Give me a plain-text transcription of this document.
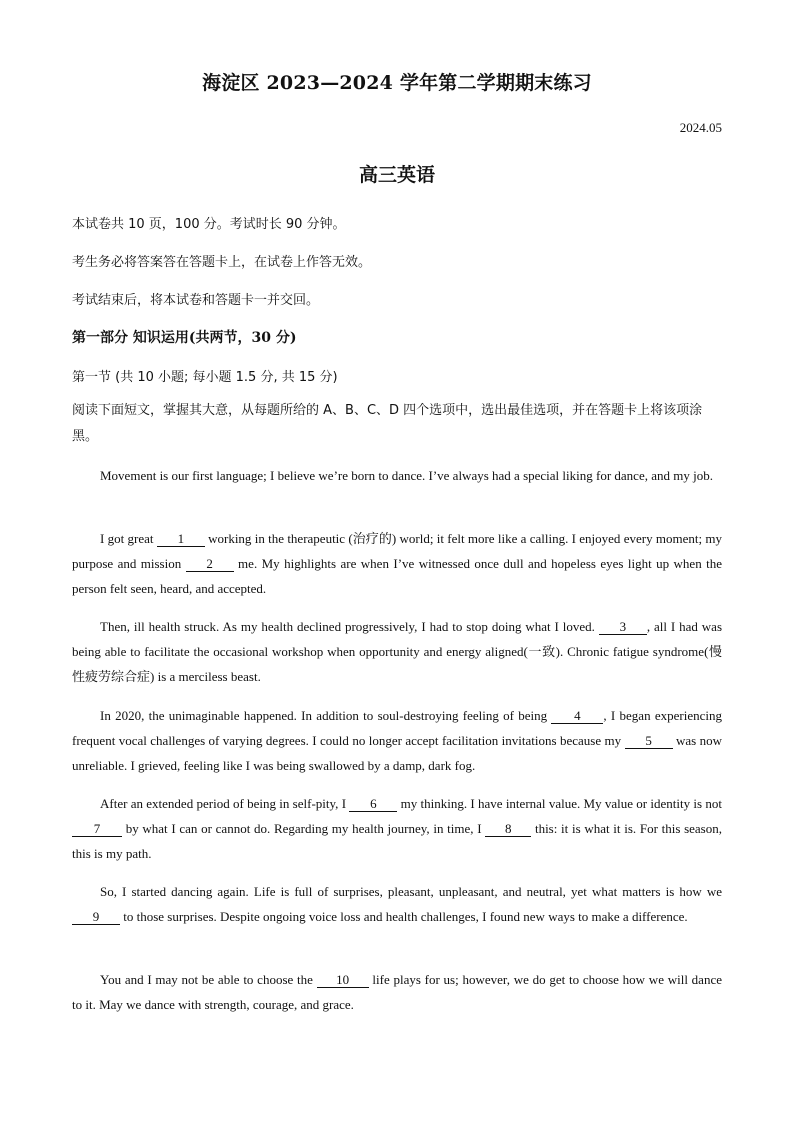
海淀区 2023—2024 学年第二学期期末练习
2024.05
高三英语
本试卷共 10 页，100 分。考试时长 90 分钟。
考生务必将答案答在答题卡上，在试卷上作答无效。
考试结束后，将本试卷和答题卡一并交回。
第一部分 知识运用(共两节，30 分)
第一节 (共 10 小题; 每小题 1.5 分, 共 15 分)
阅读下面短文，掌握其大意，从每题所给的 A、B、C、D 四个选项中，选出最佳选项，并在答题卡上将该项涂黑。
Movement is our first language; I believe we’re born to dance. I’ve always had a special liking for dance, and my job.
I got great 1 working in the therapeutic (治疗的) world; it felt more like a calling. I enjoyed every moment; my purpose and mission 2 me. My highlights are when I’ve witnessed once dull and hopeless eyes light up when the person felt seen, heard, and accepted.
Then, ill health struck. As my health declined progressively, I had to stop doing what I loved. 3 , all I had was being able to facilitate the occasional workshop when opportunity and energy aligned(一致). Chronic fatigue syndrome(慢性疲劳综合症) is a merciless beast.
In 2020, the unimaginable happened. In addition to soul-destroying feeling of being 4 , I began experiencing frequent vocal challenges of varying degrees. I could no longer accept facilitation invitations because my 5 was now unreliable. I grieved, feeling like I was being swallowed by a damp, dark fog.
After an extended period of being in self-pity, I 6 my thinking. I have internal value. My value or identity is not 7 by what I can or cannot do. Regarding my health journey, in time, I 8 this: it is what it is. For this season, this is my path.
So, I started dancing again. Life is full of surprises, pleasant, unpleasant, and neutral, yet what matters is how we 9 to those surprises. Despite ongoing voice loss and health challenges, I found new ways to make a difference.
You and I may not be able to choose the 10 life plays for us; however, we do get to choose how we will dance to it. May we dance with strength, courage, and grace.
